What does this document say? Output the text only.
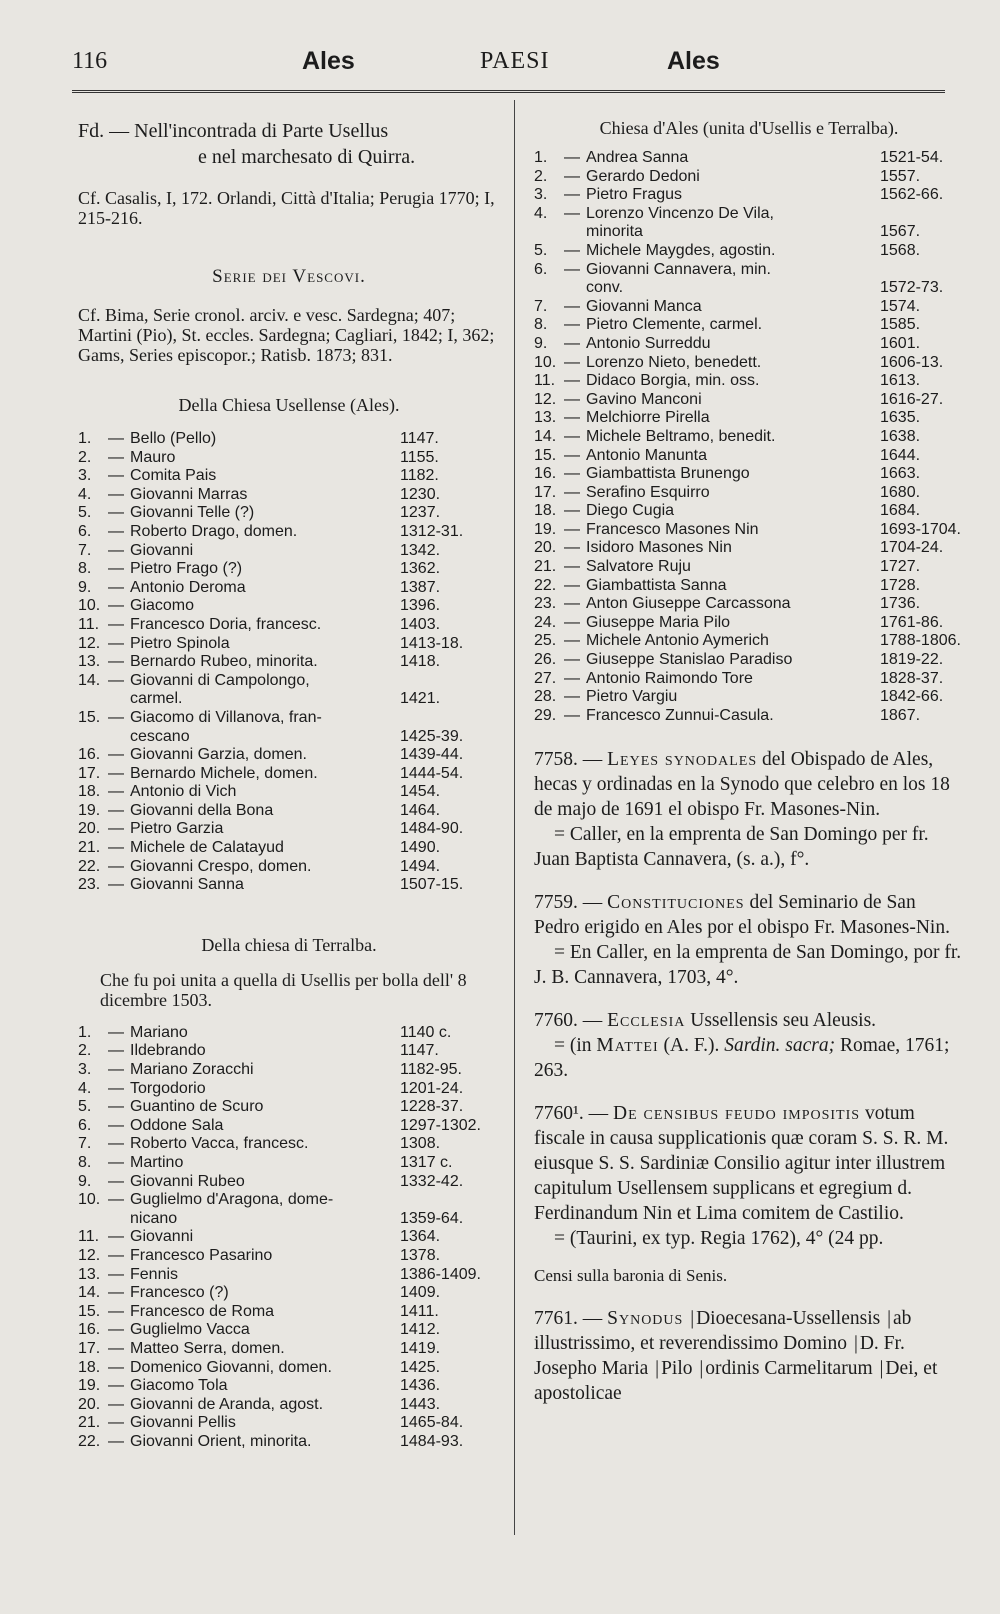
116	Ales	PAESI	Ales
Fd. — Nell'incontrada di Parte Usellus
e nel marchesato di Quirra.

Cf. Casalis, I, 172. Orlandi, Città d'Italia; Perugia 1770; I, 215-216.

Serie dei Vescovi.

Cf. Bima, Serie cronol. arciv. e vesc. Sardegna; 407; Martini (Pio), St. eccles. Sardegna; Cagliari, 1842; I, 362; Gams, Series episcopor.; Ratisb. 1873; 831.

Della Chiesa Usellense (Ales).

1.	— Bello (Pello)	1147.
2.	— Mauro	1155.
3.	— Comita Pais	1182.
4.	— Giovanni Marras	1230.
5.	— Giovanni Telle (?)	1237.
6.	— Roberto Drago, domen.	1312-31.
7.	— Giovanni	1342.
8.	— Pietro Frago (?)	1362.
9.	— Antonio Deroma	1387.
10. — Giacomo	1396.
11. — Francesco Doria, francesc.	1403.
12. — Pietro Spinola	1413-18.
13. — Bernardo Rubeo, minorita.	1418.
14. — Giovanni di Campolongo,
carmel.	1421.
15. — Giacomo di Villanova, fran-
cescano	1425-39.
16. — Giovanni Garzia, domen.	1439-44.
17. — Bernardo Michele, domen.	1444-54.
18. — Antonio di Vich	1454.
19. — Giovanni della Bona	1464.
20. — Pietro Garzia	1484-90.
21. — Michele de Calatayud	1490.
22. — Giovanni Crespo, domen.	1494.
23. — Giovanni Sanna	1507-15.

Della chiesa di Terralba.

Che fu poi unita a quella di Usellis per bolla dell' 8 dicembre 1503.

1.	— Mariano	1140 c.
2.	— Ildebrando	1147.
3.	— Mariano Zoracchi	1182-95.
4.	— Torgodorio	1201-24.
5.	— Guantino de Scuro	1228-37.
6.	— Oddone Sala	1297-1302.
7.	— Roberto Vacca, francesc.	1308.
8.	— Martino	1317 c.
9.	— Giovanni Rubeo	1332-42.
10. — Guglielmo d'Aragona, dome-
nicano	1359-64.
11. — Giovanni	1364.
12. — Francesco Pasarino	1378.
13. — Fennis	1386-1409.
14. — Francesco (?)	1409.
15. — Francesco de Roma	1411.
16. — Guglielmo Vacca	1412.
17. — Matteo Serra, domen.	1419.
18. — Domenico Giovanni, domen.	1425.
19. — Giacomo Tola	1436.
20. — Giovanni de Aranda, agost.	1443.
21. — Giovanni Pellis	1465-84.
22. — Giovanni Orient, minorita.	1484-93.

Chiesa d'Ales (unita d'Usellis e Terralba).

1.	— Andrea Sanna	1521-54.
2.	— Gerardo Dedoni	1557.
3.	— Pietro Fragus	1562-66.
4.	— Lorenzo Vincenzo De Vila,
minorita	1567.
5.	— Michele Maygdes, agostin.	1568.
6.	— Giovanni Cannavera, min.
conv.	1572-73.
7.	— Giovanni Manca	1574.
8.	— Pietro Clemente, carmel.	1585.
9.	— Antonio Surreddu	1601.
10. — Lorenzo Nieto, benedett.	1606-13.
11. — Didaco Borgia, min. oss.	1613.
12. — Gavino Manconi	1616-27.
13. — Melchiorre Pirella	1635.
14. — Michele Beltramo, benedit.	1638.
15. — Antonio Manunta	1644.
16. — Giambattista Brunengo	1663.
17. — Serafino Esquirro	1680.
18. — Diego Cugia	1684.
19. — Francesco Masones Nin	1693-1704.
20. — Isidoro Masones Nin	1704-24.
21. — Salvatore Ruju	1727.
22. — Giambattista Sanna	1728.
23. — Anton Giuseppe Carcassona	1736.
24. — Giuseppe Maria Pilo	1761-86.
25. — Michele Antonio Aymerich	1788-1806.
26. — Giuseppe Stanislao Paradiso	1819-22.
27. — Antonio Raimondo Tore	1828-37.
28. — Pietro Vargiu	1842-66.
29. — Francesco Zunnui-Casula.	1867.

7758. — Leyes synodales del Obispado de Ales, hecas y ordinadas en la Synodo que celebro en los 18 de majo de 1691 el obispo Fr. Masones-Nin.

= Caller, en la emprenta de San Domingo per fr. Juan Baptista Cannavera, (s. a.), f°.

7759. — Constituciones del Seminario de San Pedro erigido en Ales por el obispo Fr. Masones-Nin.

= En Caller, en la emprenta de San Domingo, por fr. J. B. Cannavera, 1703, 4°.

7760. — Ecclesia Ussellensis seu Aleusis.

= (in Mattei (A. F.). Sardin. sacra; Romae, 1761; 263.

7760¹. — De censibus feudo impositis votum fiscale in causa supplicationis quæ coram S. S. R. M. eiusque S. S. Sardiniæ Consilio agitur inter illustrem capitulum Usellensem supplicans et egregium d. Ferdinandum Nin et Lima comitem de Castilio.

= (Taurini, ex typ. Regia 1762), 4° (24 pp.

Censi sulla baronia di Senis.

7761. — Synodus | Dioecesana-Ussellensis | ab illustrissimo, et reverendissimo Domino | D. Fr. Josepho Maria | Pilo | ordinis Carmelitarum | Dei, et apostolicae
